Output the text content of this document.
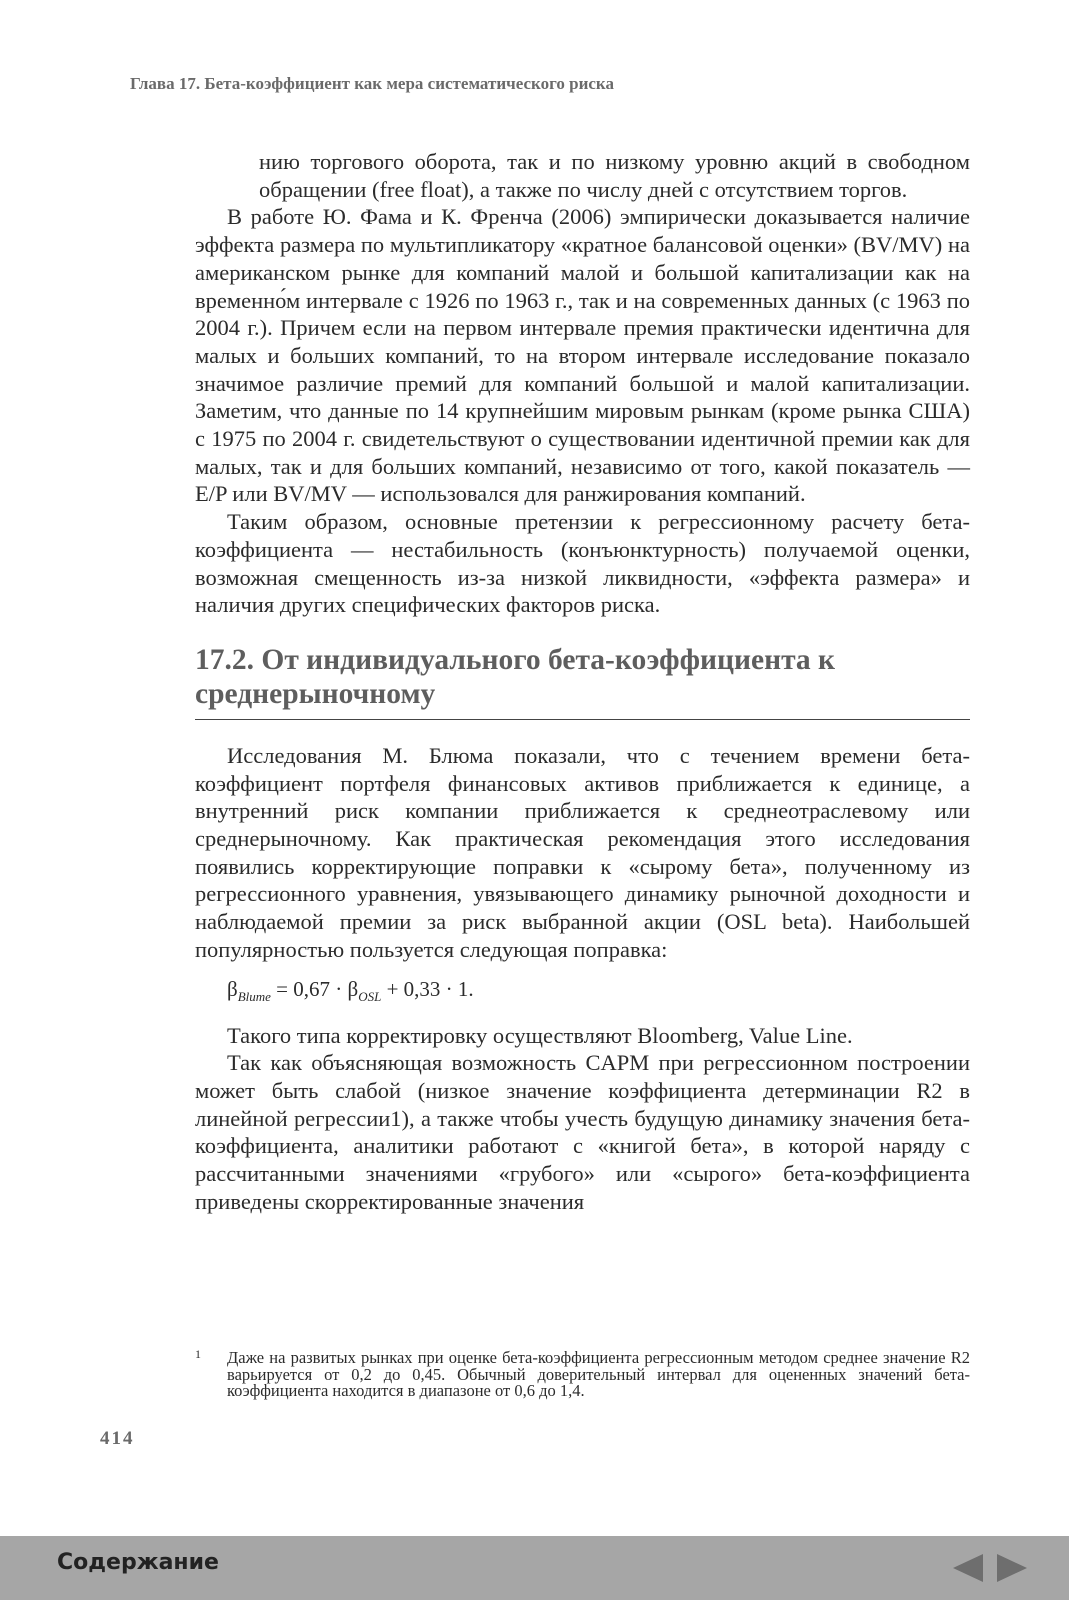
Глава 17. Бета-коэффициент как мера систематического риска

нию торгового оборота, так и по низкому уровню акций в свободном обращении (free float), а также по числу дней с отсутствием торгов.

В работе Ю. Фама и К. Френча (2006) эмпирически доказывается наличие эффекта размера по мультипликатору «кратное балансовой оценки» (BV/MV) на американском рынке для компаний малой и большой капитализации как на временно́м интервале с 1926 по 1963 г., так и на современных данных (с 1963 по 2004 г.). Причем если на первом интервале премия практически идентична для малых и больших компаний, то на втором интервале исследование показало значимое различие премий для компаний большой и малой капитализации. Заметим, что данные по 14 крупнейшим мировым рынкам (кроме рынка США) с 1975 по 2004 г. свидетельствуют о существовании идентичной премии как для малых, так и для больших компаний, независимо от того, какой показатель — E/P или BV/MV — использовался для ранжирования компаний.

Таким образом, основные претензии к регрессионному расчету бета-коэффициента — нестабильность (конъюнктурность) получаемой оценки, возможная смещенность из-за низкой ликвидности, «эффекта размера» и наличия других специфических факторов риска.

17.2. От индивидуального бета-коэффициента к среднерыночному

Исследования М. Блюма показали, что с течением времени бета-коэффициент портфеля финансовых активов приближается к единице, а внутренний риск компании приближается к среднеотраслевому или среднерыночному. Как практическая рекомендация этого исследования появились корректирующие поправки к «сырому бета», полученному из регрессионного уравнения, увязывающего динамику рыночной доходности и наблюдаемой премии за риск выбранной акции (OSL beta). Наибольшей популярностью пользуется следующая поправка:

$\beta_{Blume} = 0,67 \cdot \beta_{OSL} + 0,33 \cdot 1$.

Такого типа корректировку осуществляют Bloomberg, Value Line.

Так как объясняющая возможность CAPM при регрессионном построении может быть слабой (низкое значение коэффициента детерминации R2 в линейной регрессии1), а также чтобы учесть будущую динамику значения бета-коэффициента, аналитики работают с «книгой бета», в которой наряду с рассчитанными значениями «грубого» или «сырого» бета-коэффициента приведены скорректированные значения

1 Даже на развитых рынках при оценке бета-коэффициента регрессионным методом среднее значение R2 варьируется от 0,2 до 0,45. Обычный доверительный интервал для оцененных значений бета-коэффициента находится в диапазоне от 0,6 до 1,4.
414
Содержание
